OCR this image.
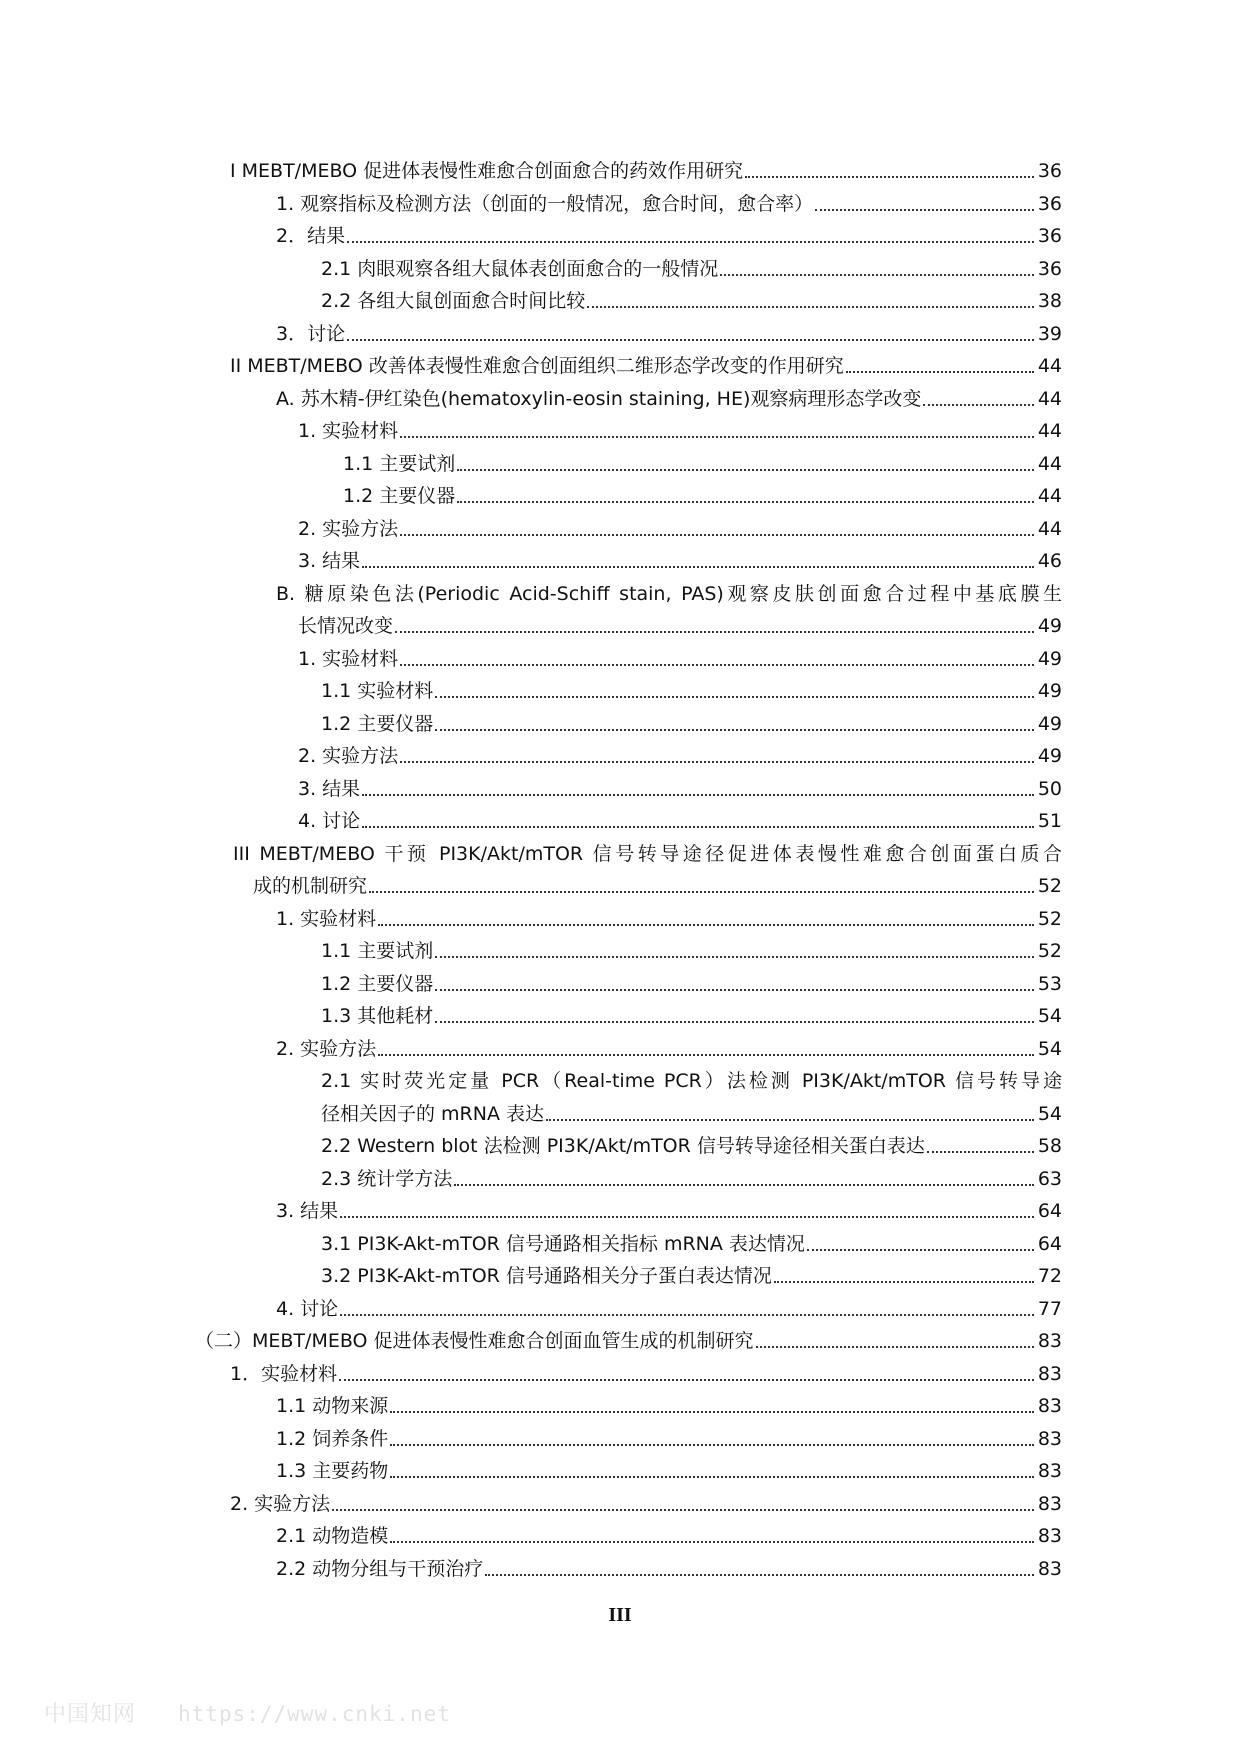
I MEBT/MEBO 促进体表慢性难愈合创面愈合的药效作用研究	36
1. 观察指标及检测方法（创面的一般情况，愈合时间，愈合率）	36
2．结果	36
2.1 肉眼观察各组大鼠体表创面愈合的一般情况	36
2.2 各组大鼠创面愈合时间比较	38
3．讨论	39
II MEBT/MEBO 改善体表慢性难愈合创面组织二维形态学改变的作用研究	44
A. 苏木精-伊红染色(hematoxylin-eosin staining, HE)观察病理形态学改变	44
1. 实验材料	44
1.1 主要试剂	44
1.2 主要仪器	44
2. 实验方法	44
3. 结果	46
B. 糖原染色法(Periodic Acid-Schiff stain, PAS)观察皮肤创面愈合过程中基底膜生
长情况改变	49
1. 实验材料	49
1.1 实验材料	49
1.2 主要仪器	49
2. 实验方法	49
3. 结果	50
4. 讨论	51
III MEBT/MEBO 干预 PI3K/Akt/mTOR 信号转导途径促进体表慢性难愈合创面蛋白质合
成的机制研究	52
1. 实验材料	52
1.1 主要试剂	52
1.2 主要仪器	53
1.3 其他耗材	54
2. 实验方法	54
2.1 实时荧光定量 PCR（Real-time PCR）法检测 PI3K/Akt/mTOR 信号转导途
径相关因子的 mRNA 表达	54
2.2 Western blot 法检测 PI3K/Akt/mTOR 信号转导途径相关蛋白表达	58
2.3 统计学方法	63
3. 结果	64
3.1 PI3K-Akt-mTOR 信号通路相关指标 mRNA 表达情况	64
3.2 PI3K-Akt-mTOR 信号通路相关分子蛋白表达情况	72
4. 讨论	77
（二）MEBT/MEBO 促进体表慢性难愈合创面血管生成的机制研究	83
1．实验材料	83
1.1 动物来源	83
1.2 饲养条件	83
1.3 主要药物	83
2. 实验方法	83
2.1 动物造模	83
2.2 动物分组与干预治疗	83
III
中国知网 https://www.cnki.net
